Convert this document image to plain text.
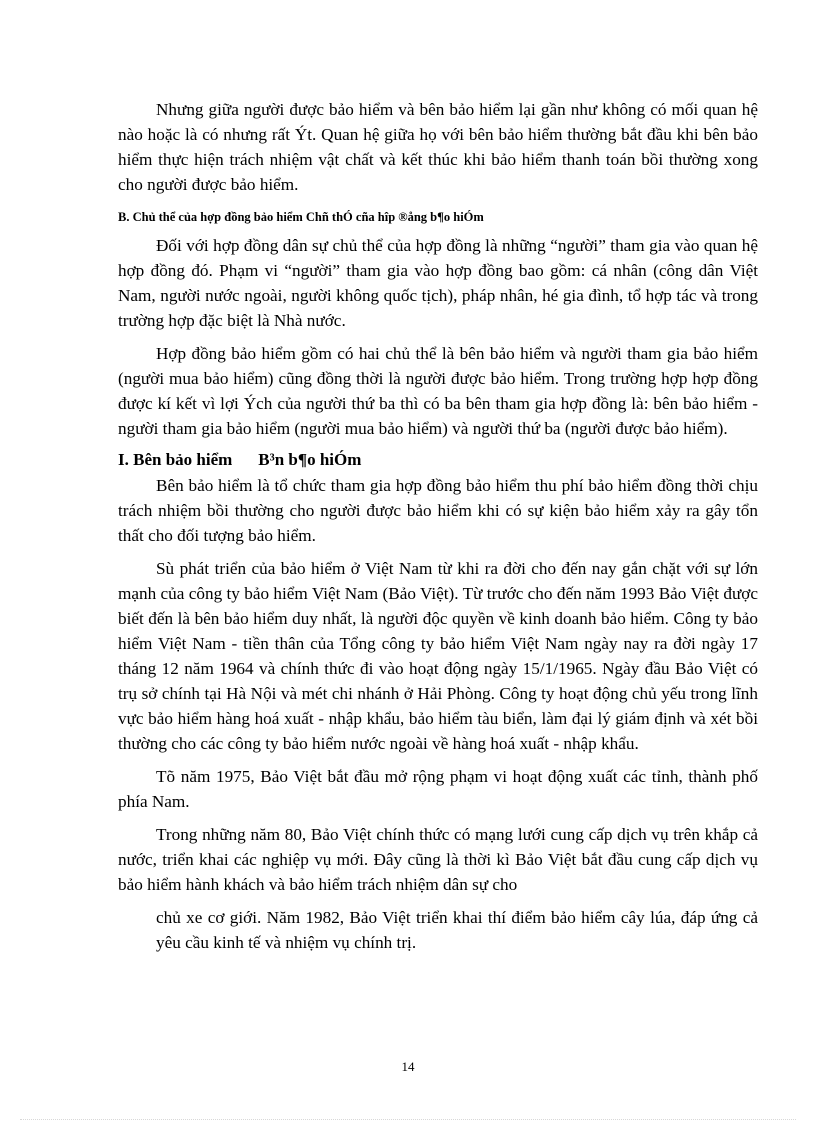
Nhưng giữa người được bảo hiểm và bên bảo hiểm lại gần như không có mối quan hệ nào hoặc là có nhưng rất Ýt. Quan hệ giữa họ với bên bảo hiểm thường bắt đầu khi bên bảo hiểm thực hiện trách nhiệm vật chất và kết thúc khi bảo hiểm thanh toán bồi thường xong cho người được bảo hiểm.

B. Chủ thể của hợp đồng bảo hiểm Chñ thÓ cña hîp ®ång b¶o hiÓm

Đối với hợp đồng dân sự chủ thể của hợp đồng là những “người” tham gia vào quan hệ hợp đồng đó. Phạm vi “người” tham gia vào hợp đồng bao gồm: cá nhân (công dân Việt Nam, người nước ngoài, người không quốc tịch), pháp nhân, hé gia đình, tổ hợp tác và trong trường hợp đặc biệt là Nhà nước.

Hợp đồng bảo hiểm gồm có hai chủ thể là bên bảo hiểm và người tham gia bảo hiểm (người mua bảo hiểm) cũng đồng thời là người được bảo hiểm. Trong trường hợp hợp đồng được kí kết vì lợi Ých của người thứ ba thì có ba bên tham gia hợp đồng là: bên bảo hiểm - người tham gia bảo hiểm (người mua bảo hiểm) và người thứ ba (người được bảo hiểm).

I. Bên bảo hiểm B³n b¶o hiÓm

Bên bảo hiểm là tổ chức tham gia hợp đồng bảo hiểm thu phí bảo hiểm đồng thời chịu trách nhiệm bồi thường cho người được bảo hiểm khi có sự kiện bảo hiểm xảy ra gây tổn thất cho đối tượng bảo hiểm.

Sù phát triển của bảo hiểm ở Việt Nam từ khi ra đời cho đến nay gắn chặt với sự lớn mạnh của công ty bảo hiểm Việt Nam (Bảo Việt). Từ trước cho đến năm 1993 Bảo Việt được biết đến là bên bảo hiểm duy nhất, là người độc quyền về kinh doanh bảo hiểm. Công ty bảo hiểm Việt Nam - tiền thân của Tổng công ty bảo hiểm Việt Nam ngày nay ra đời ngày 17 tháng 12 năm 1964 và chính thức đi vào hoạt động ngày 15/1/1965. Ngày đầu Bảo Việt có trụ sở chính tại Hà Nội và mét chi nhánh ở Hải Phòng. Công ty hoạt động chủ yếu trong lĩnh vực bảo hiểm hàng hoá xuất - nhập khẩu, bảo hiểm tàu biển, làm đại lý giám định và xét bồi thường cho các công ty bảo hiểm nước ngoài về hàng hoá xuất - nhập khẩu.

Tõ năm 1975, Bảo Việt bắt đầu mở rộng phạm vi hoạt động xuất các tỉnh, thành phố phía Nam.

Trong những năm 80, Bảo Việt chính thức có mạng lưới cung cấp dịch vụ trên khắp cả nước, triển khai các nghiệp vụ mới. Đây cũng là thời kì Bảo Việt bắt đầu cung cấp dịch vụ bảo hiểm hành khách và bảo hiểm trách nhiệm dân sự cho

chủ xe cơ giới. Năm 1982, Bảo Việt triển khai thí điểm bảo hiểm cây lúa, đáp ứng cả yêu cầu kinh tế và nhiệm vụ chính trị.

14
